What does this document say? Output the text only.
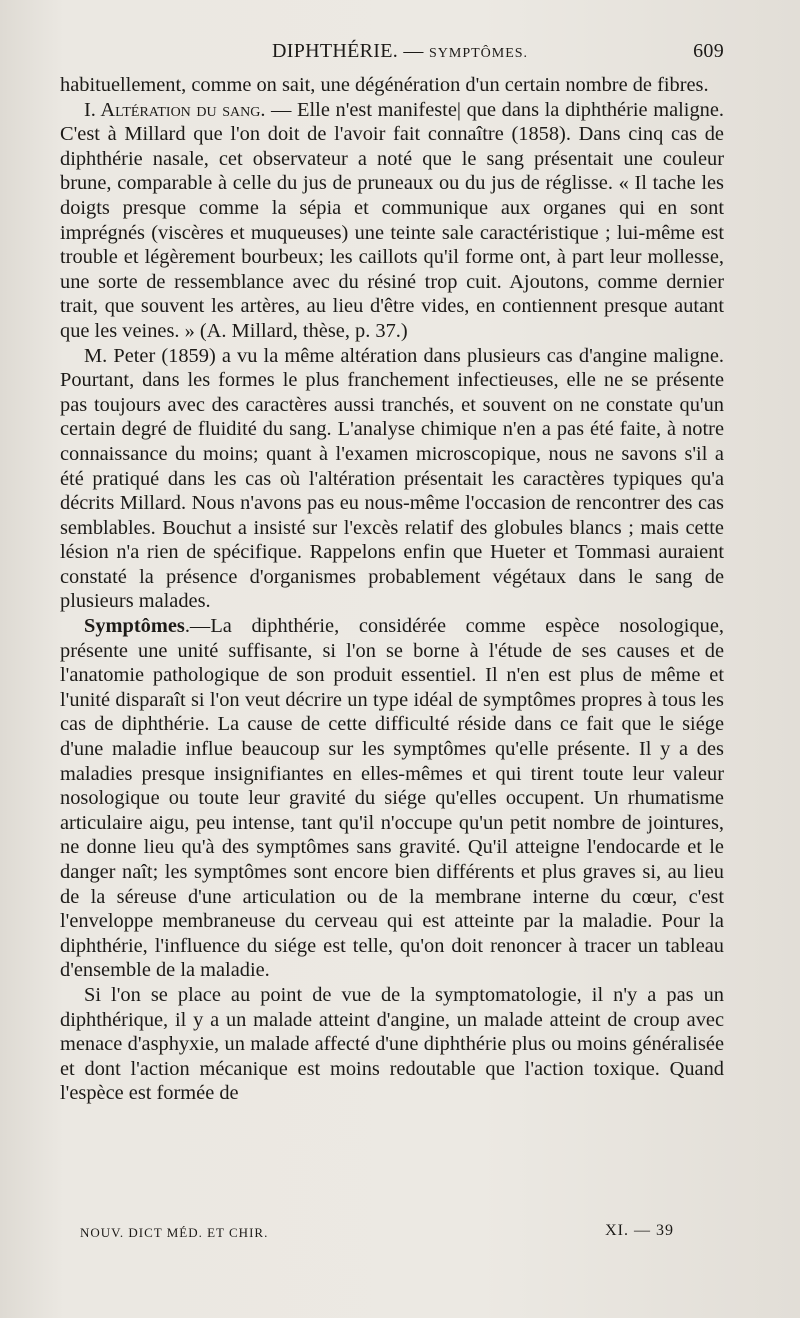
DIPHTHÉRIE. — SYMPTÔMES.	609

habituellement, comme on sait, une dégénération d'un certain nombre de fibres.

I. Altération du sang. — Elle n'est manifeste| que dans la diphthérie maligne. C'est à Millard que l'on doit de l'avoir fait connaître (1858). Dans cinq cas de diphthérie nasale, cet observateur a noté que le sang présentait une couleur brune, comparable à celle du jus de pruneaux ou du jus de réglisse. « Il tache les doigts presque comme la sépia et communique aux organes qui en sont imprégnés (viscères et muqueuses) une teinte sale caractéristique ; lui-même est trouble et légèrement bourbeux; les caillots qu'il forme ont, à part leur mollesse, une sorte de ressemblance avec du résiné trop cuit. Ajoutons, comme dernier trait, que souvent les artères, au lieu d'être vides, en contiennent presque autant que les veines. » (A. Millard, thèse, p. 37.)

M. Peter (1859) a vu la même altération dans plusieurs cas d'angine maligne. Pourtant, dans les formes le plus franchement infectieuses, elle ne se présente pas toujours avec des caractères aussi tranchés, et souvent on ne constate qu'un certain degré de fluidité du sang. L'analyse chimique n'en a pas été faite, à notre connaissance du moins; quant à l'examen microscopique, nous ne savons s'il a été pratiqué dans les cas où l'altération présentait les caractères typiques qu'a décrits Millard. Nous n'avons pas eu nous-même l'occasion de rencontrer des cas semblables. Bouchut a insisté sur l'excès relatif des globules blancs ; mais cette lésion n'a rien de spécifique. Rappelons enfin que Hueter et Tommasi auraient constaté la présence d'organismes probablement végétaux dans le sang de plusieurs malades.

Symptômes.—La diphthérie, considérée comme espèce nosologique, présente une unité suffisante, si l'on se borne à l'étude de ses causes et de l'anatomie pathologique de son produit essentiel. Il n'en est plus de même et l'unité disparaît si l'on veut décrire un type idéal de symptômes propres à tous les cas de diphthérie. La cause de cette difficulté réside dans ce fait que le siége d'une maladie influe beaucoup sur les symptômes qu'elle présente. Il y a des maladies presque insignifiantes en elles-mêmes et qui tirent toute leur valeur nosologique ou toute leur gravité du siége qu'elles occupent. Un rhumatisme articulaire aigu, peu intense, tant qu'il n'occupe qu'un petit nombre de jointures, ne donne lieu qu'à des symptômes sans gravité. Qu'il atteigne l'endocarde et le danger naît; les symptômes sont encore bien différents et plus graves si, au lieu de la séreuse d'une articulation ou de la membrane interne du cœur, c'est l'enveloppe membraneuse du cerveau qui est atteinte par la maladie. Pour la diphthérie, l'influence du siége est telle, qu'on doit renoncer à tracer un tableau d'ensemble de la maladie.

Si l'on se place au point de vue de la symptomatologie, il n'y a pas un diphthérique, il y a un malade atteint d'angine, un malade atteint de croup avec menace d'asphyxie, un malade affecté d'une diphthérie plus ou moins généralisée et dont l'action mécanique est moins redoutable que l'action toxique. Quand l'espèce est formée de

NOUV. DICT MÉD. ET CHIR.	XI. — 39
